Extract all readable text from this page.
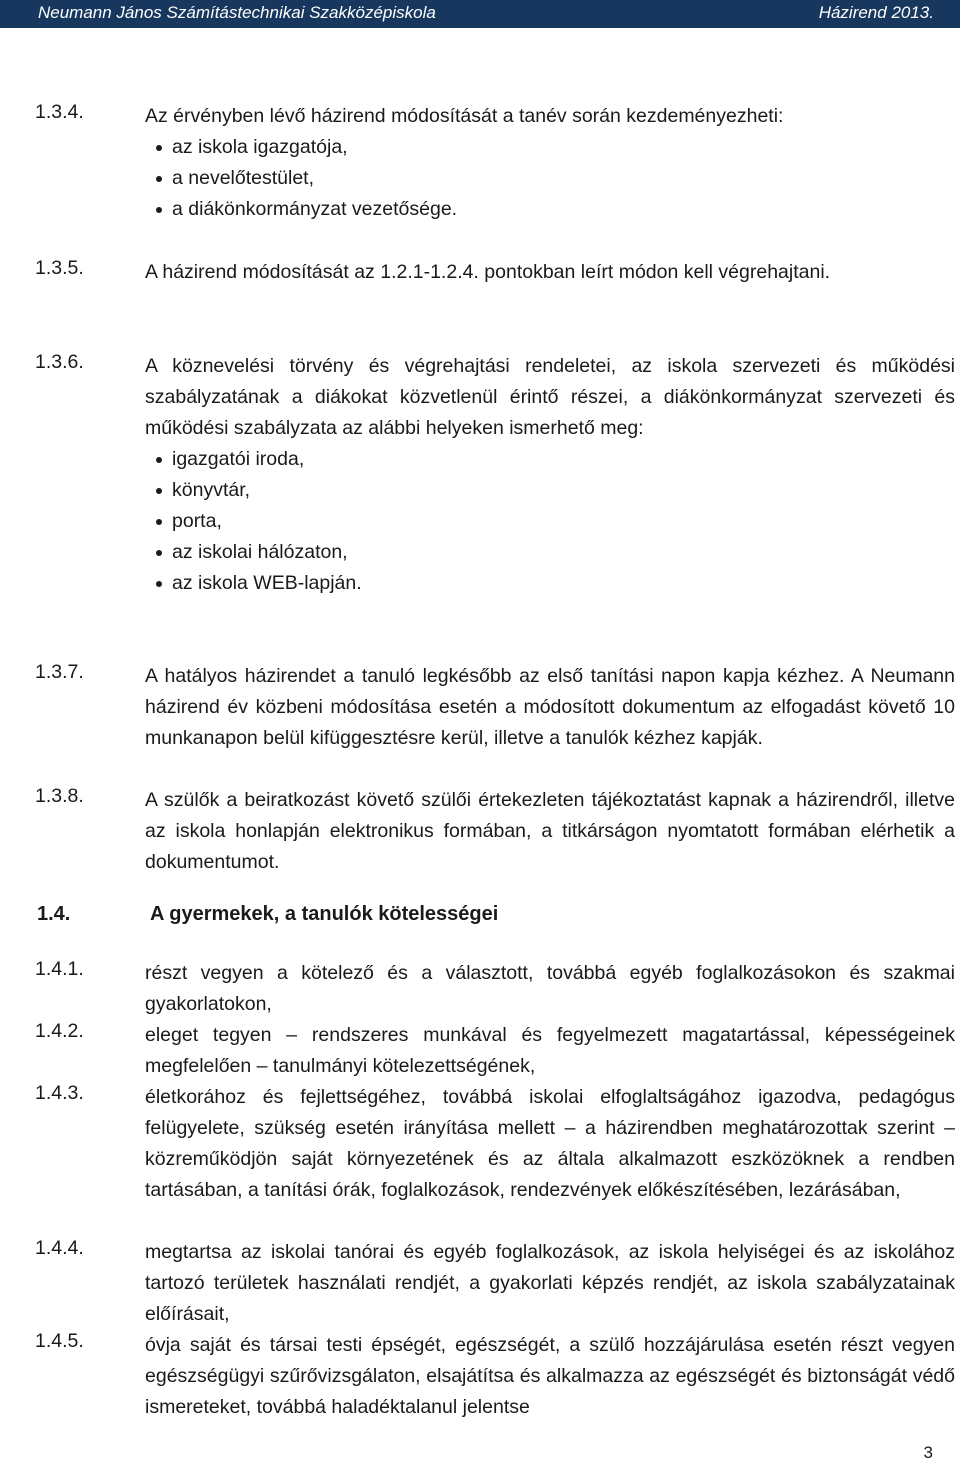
Neumann János Számítástechnikai Szakközépiskola	Házirend 2013.
1.3.4.	Az érvényben lévő házirend módosítását a tanév során kezdeményezheti:

az iskola igazgatója,
a nevelőtestület,
a diákönkormányzat vezetősége.
1.3.5.	A házirend módosítását az 1.2.1-1.2.4. pontokban leírt módon kell végrehajtani.

1.3.6.	A köznevelési törvény és végrehajtási rendeletei, az iskola szervezeti és működési szabályzatának a diákokat közvetlenül érintő részei, a diákönkormányzat szervezeti és működési szabályzata az alábbi helyeken ismerhető meg:

igazgatói iroda,
könyvtár,
porta,
az iskolai hálózaton,
az iskola WEB-lapján.
1.3.7.	A hatályos házirendet a tanuló legkésőbb az első tanítási napon kapja kézhez. A Neumann házirend év közbeni módosítása esetén a módosított dokumentum az elfogadást követő 10 munkanapon belül kifüggesztésre kerül, illetve a tanulók kézhez kapják.

1.3.8.	A szülők a beiratkozást követő szülői értekezleten tájékoztatást kapnak a házirendről, illetve az iskola honlapján elektronikus formában, a titkárságon nyomtatott formában elérhetik a dokumentumot.

1.4.	A gyermekek, a tanulók kötelességei
1.4.1.	részt vegyen a kötelező és a választott, továbbá egyéb foglalkozásokon és szakmai gyakorlatokon,

1.4.2.	eleget tegyen – rendszeres munkával és fegyelmezett magatartással, képességeinek megfelelően – tanulmányi kötelezettségének,

1.4.3.	életkorához és fejlettségéhez, továbbá iskolai elfoglaltságához igazodva, pedagógus felügyelete, szükség esetén irányítása mellett – a házirendben meghatározottak szerint – közreműködjön saját környezetének és az általa alkalmazott eszközöknek a rendben tartásában, a tanítási órák, foglalkozások, rendezvények előkészítésében, lezárásában,

1.4.4.	megtartsa az iskolai tanórai és egyéb foglalkozások, az iskola helyiségei és az iskolához tartozó területek használati rendjét, a gyakorlati képzés rendjét, az iskola szabályzatainak előírásait,

1.4.5.	óvja saját és társai testi épségét, egészségét, a szülő hozzájárulása esetén részt vegyen egészségügyi szűrővizsgálaton, elsajátítsa és alkalmazza az egészségét és biztonságát védő ismereteket, továbbá haladéktalanul jelentse

3
